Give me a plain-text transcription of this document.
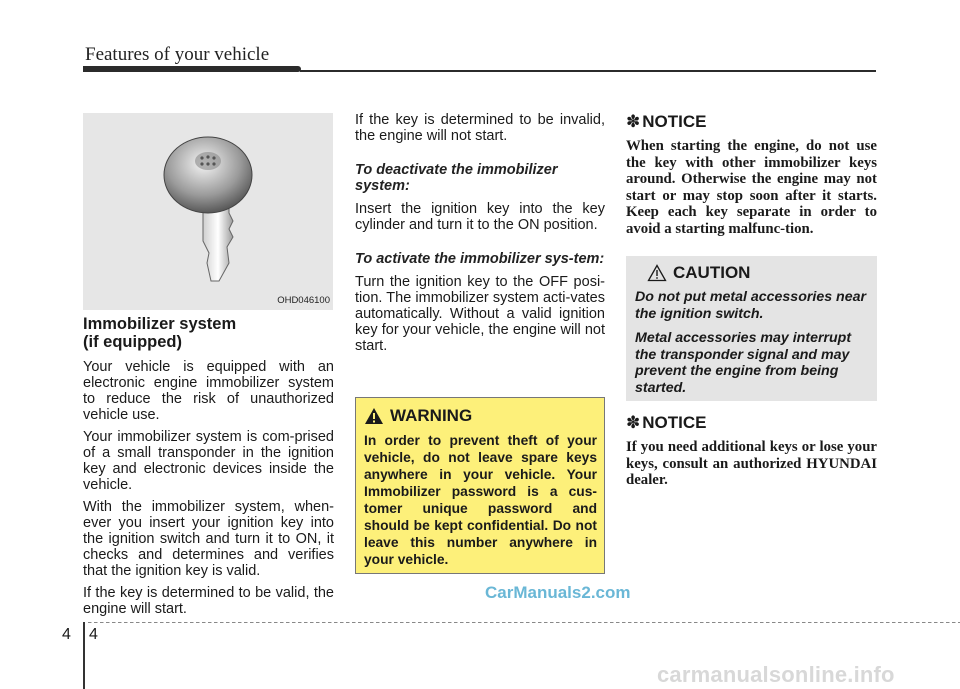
Features of your vehicle
OHD046100
Immobilizer system
(if equipped)

Your vehicle is equipped with an electronic engine immobilizer system to reduce the risk of unauthorized vehicle use.

Your immobilizer system is com-prised of a small transponder in the ignition key and electronic devices inside the vehicle.

With the immobilizer system, when-ever you insert your ignition key into the ignition switch and turn it to ON, it checks and determines and verifies that the ignition key is valid.

If the key is determined to be valid, the engine will start.

If the key is determined to be invalid, the engine will not start.

To deactivate the immobilizer system:

Insert the ignition key into the key cylinder and turn it to the ON position.

To activate the immobilizer sys-tem:

Turn the ignition key to the OFF posi-tion. The immobilizer system acti-vates automatically. Without a valid ignition key for your vehicle, the engine will not start.

WARNING
In order to prevent theft of your vehicle, do not leave spare keys anywhere in your vehicle. Your Immobilizer password is a cus-tomer unique password and should be kept confidential. Do not leave this number anywhere in your vehicle.
✽ NOTICE

When starting the engine, do not use the key with other immobilizer keys around. Otherwise the engine may not start or may stop soon after it starts. Keep each key separate in order to avoid a starting malfunc-tion.

CAUTION

Do not put metal accessories near the ignition switch.

Metal accessories may interrupt the transponder signal and may prevent the engine from being started.

✽ NOTICE

If you need additional keys or lose your keys, consult an authorized HYUNDAI dealer.

4 4
CarManuals2.com
carmanualsonline.info
